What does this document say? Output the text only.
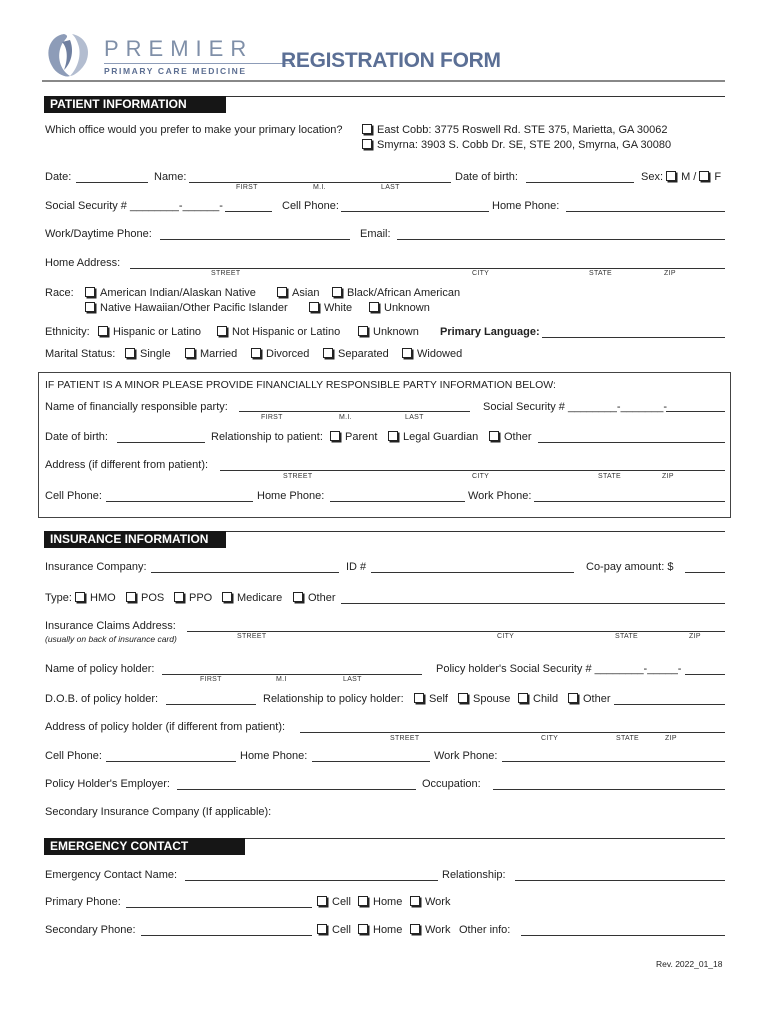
PREMIER
PRIMARY CARE MEDICINE REGISTRATION FORM
PATIENT INFORMATION
Which office would you prefer to make your primary location?	East Cobb: 3775 Roswell Rd. STE 375, Marietta, GA 30062
Smyrna: 3903 S. Cobb Dr. SE, STE 200, Smyrna, GA 30080
Date:	Name:
FIRST	M.I.	LAST
Date of birth:	Sex: M / F
Social Security # ________-______-	Cell Phone:	Home Phone:
Work/Daytime Phone:	Email:
Home Address:
STREET	CITY	STATE	ZIP
Race:	American Indian/Alaskan Native	Asian	Black/African American
Native Hawaiian/Other Pacific Islander	White	Unknown
Ethnicity:	Hispanic or Latino	Not Hispanic or Latino	Unknown Primary Language:
Marital Status:	Single	Married	Divorced	Separated	Widowed
IF PATIENT IS A MINOR PLEASE PROVIDE FINANCIALLY RESPONSIBLE PARTY INFORMATION BELOW:
Name of financially responsible party:
FIRST	M.I.	LAST
Social Security # ________-_______-
Date of birth:	Relationship to patient:	Parent	Legal Guardian	Other
Address (if different from patient):
STREET	CITY	STATE	ZIP
Cell Phone:	Home Phone:	Work Phone:
INSURANCE INFORMATION
Insurance Company:	ID #	Co-pay amount: $
Type:	HMO	POS	PPO	Medicare	Other
Insurance Claims Address:
(usually on back of insurance card)	STREET	CITY	STATE	ZIP
Name of policy holder:
FIRST	M.I	LAST
Policy holder's Social Security # ________-_____-
D.O.B. of policy holder:	Relationship to policy holder:	Self	Spouse	Child	Other
Address of policy holder (if different from patient):
STREET	CITY	STATE	ZIP
Cell Phone:	Home Phone:	Work Phone:
Policy Holder's Employer:	Occupation:
Secondary Insurance Company (If applicable):
EMERGENCY CONTACT
Emergency Contact Name:	Relationship:
Primary Phone:	Cell	Home	Work
Secondary Phone:	Cell	Home	Work Other info:
Rev. 2022_01_18
